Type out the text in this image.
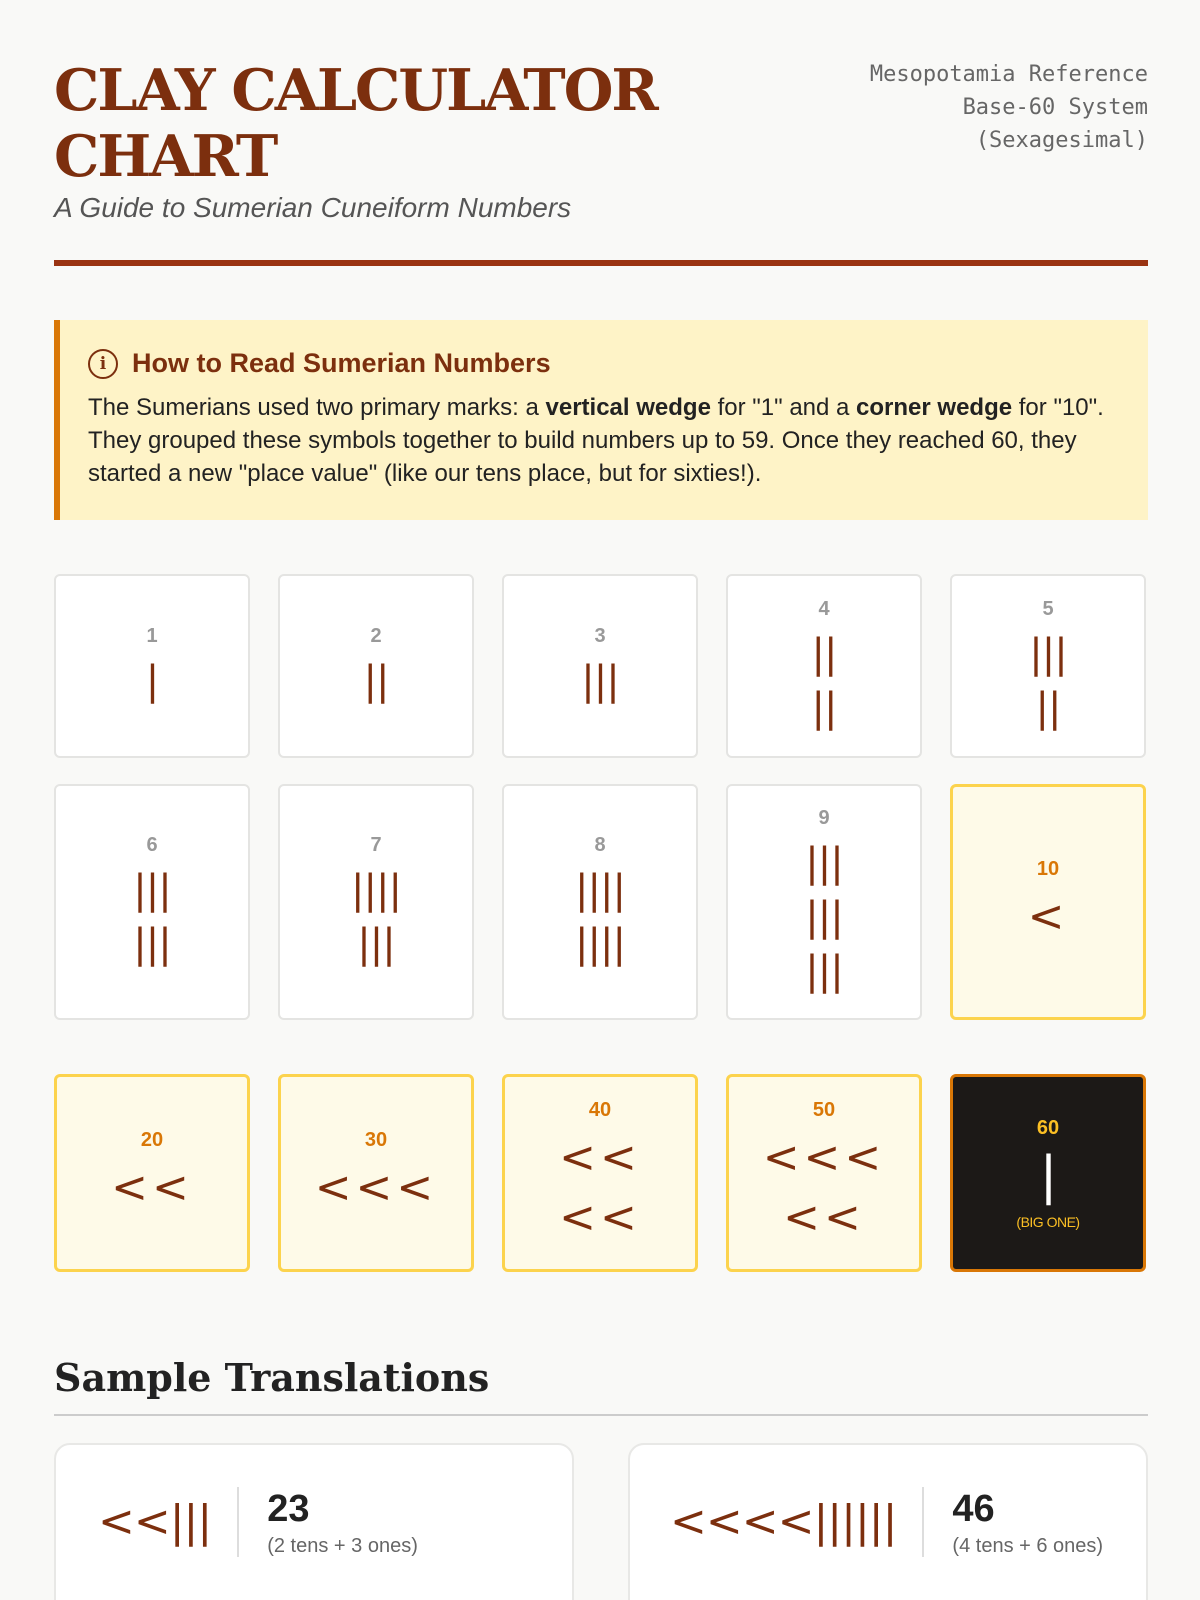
CLAY CALCULATOR CHART
A Guide to Sumerian Cuneiform Numbers
Mesopotamia Reference
Base-60 System
(Sexagesimal)
i How to Read Sumerian Numbers

The Sumerians used two primary marks: a vertical wedge for "1" and a corner wedge for "10". They grouped these symbols together to build numbers up to 59. Once they reached 60, they started a new "place value" (like our tens place, but for sixties!).

1
|
2
||
3
|||
4
||
||
5
|||
||
6
|||
|||
7
||||
|||
8
||||
||||
9
|||
|||
|||
10
<
20
<<
30
<<<
40
<<
<<
50
<<<
<<
60
|
(BIG ONE)
Sample Translations
<<|||	23
(2 tens + 3 ones)	<<<<||||||	46
(4 tens + 6 ones)
